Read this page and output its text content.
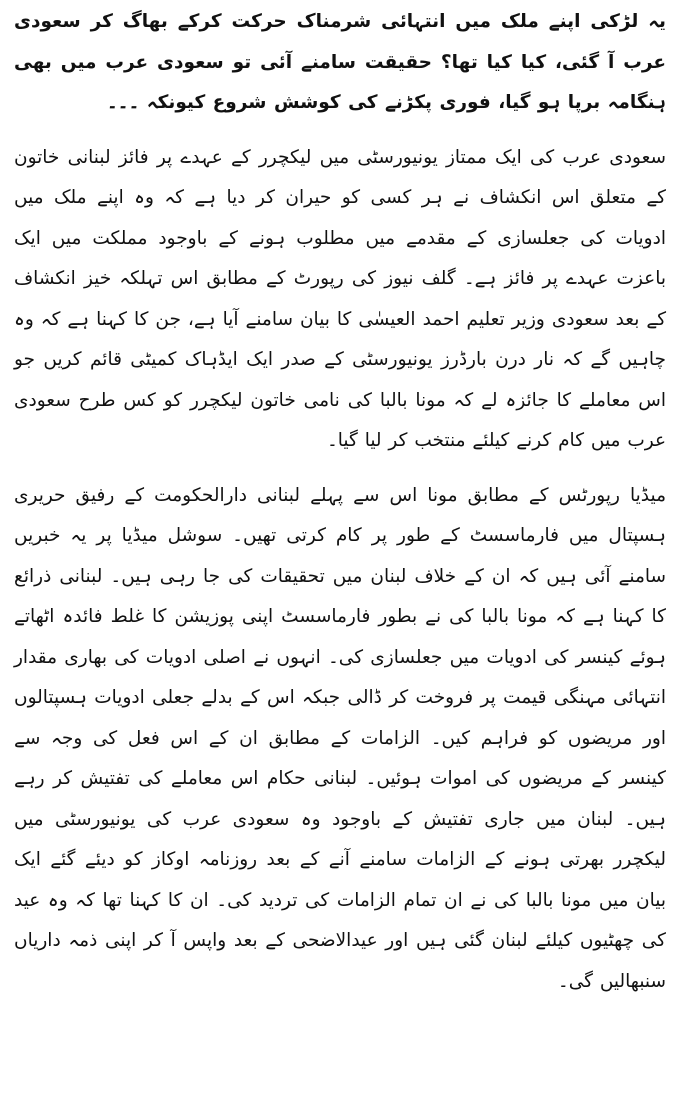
یہ لڑکی اپنے ملک میں انتہائی شرمناک حرکت کرکے بھاگ کر سعودی عرب آ گئی، کیا کیا تھا؟ حقیقت سامنے آئی تو سعودی عرب میں بھی ہنگامہ برپا ہو گیا، فوری پکڑنے کی کوشش شروع کیونکہ ۔۔۔

سعودی عرب کی ایک ممتاز یونیورسٹی میں لیکچرر کے عہدے پر فائز لبنانی خاتون کے متعلق اس انکشاف نے ہر کسی کو حیران کر دیا ہے کہ وہ اپنے ملک میں ادویات کی جعلسازی کے مقدمے میں مطلوب ہونے کے باوجود مملکت میں ایک باعزت عہدے پر فائز ہے۔ گلف نیوز کی رپورٹ کے مطابق اس تہلکہ خیز انکشاف کے بعد سعودی وزیر تعلیم احمد العیسٰی کا بیان سامنے آیا ہے، جن کا کہنا ہے کہ وہ چاہیں گے کہ نار درن بارڈرز یونیورسٹی کے صدر ایک ایڈہاک کمیٹی قائم کریں جو اس معاملے کا جائزہ لے کہ مونا بالبا کی نامی خاتون لیکچرر کو کس طرح سعودی عرب میں کام کرنے کیلئے منتخب کر لیا گیا۔

میڈیا رپورٹس کے مطابق مونا اس سے پہلے لبنانی دارالحکومت کے رفیق حریری ہسپتال میں فارماسسٹ کے طور پر کام کرتی تھیں۔ سوشل میڈیا پر یہ خبریں سامنے آئی ہیں کہ ان کے خلاف لبنان میں تحقیقات کی جا رہی ہیں۔ لبنانی ذرائع کا کہنا ہے کہ مونا بالبا کی نے بطور فارماسسٹ اپنی پوزیشن کا غلط فائدہ اٹھاتے ہوئے کینسر کی ادویات میں جعلسازی کی۔ انہوں نے اصلی ادویات کی بھاری مقدار انتہائی مہنگی قیمت پر فروخت کر ڈالی جبکہ اس کے بدلے جعلی ادویات ہسپتالوں اور مریضوں کو فراہم کیں۔ الزامات کے مطابق ان کے اس فعل کی وجہ سے کینسر کے مریضوں کی اموات ہوئیں۔ لبنانی حکام اس معاملے کی تفتیش کر رہے ہیں۔ لبنان میں جاری تفتیش کے باوجود وہ سعودی عرب کی یونیورسٹی میں لیکچرر بھرتی ہونے کے الزامات سامنے آنے کے بعد روزنامہ اوکاز کو دیئے گئے ایک بیان میں مونا بالبا کی نے ان تمام الزامات کی تردید کی۔ ان کا کہنا تھا کہ وہ عید کی چھٹیوں کیلئے لبنان گئی ہیں اور عیدالاضحی کے بعد واپس آ کر اپنی ذمہ داریاں سنبھالیں گی۔
